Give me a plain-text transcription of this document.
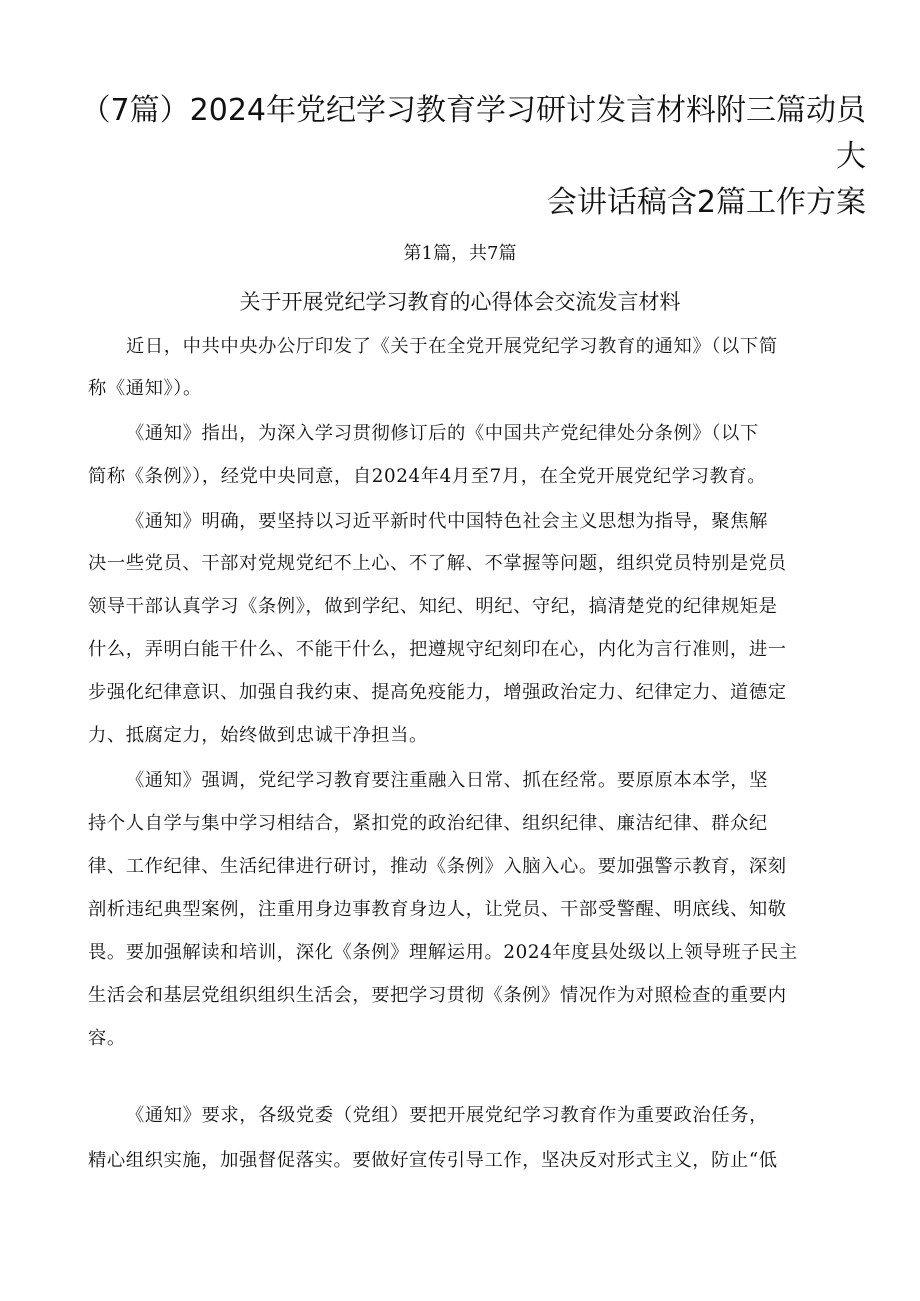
（7篇）2024年党纪学习教育学习研讨发言材料附三篇动员大
会讲话稿含2篇工作方案
第1篇，共7篇
关于开展党纪学习教育的心得体会交流发言材料
近日，中共中央办公厅印发了《关于在全党开展党纪学习教育的通知》（以下简
称《通知》）。
《通知》指出，为深入学习贯彻修订后的《中国共产党纪律处分条例》（以下
简称《条例》），经党中央同意，自2024年4月至7月，在全党开展党纪学习教育。
《通知》明确，要坚持以习近平新时代中国特色社会主义思想为指导，聚焦解
决一些党员、干部对党规党纪不上心、不了解、不掌握等问题，组织党员特别是党员
领导干部认真学习《条例》，做到学纪、知纪、明纪、守纪，搞清楚党的纪律规矩是
什么，弄明白能干什么、不能干什么，把遵规守纪刻印在心，内化为言行准则，进一
步强化纪律意识、加强自我约束、提高免疫能力，增强政治定力、纪律定力、道德定
力、抵腐定力，始终做到忠诚干净担当。
《通知》强调，党纪学习教育要注重融入日常、抓在经常。要原原本本学，坚
持个人自学与集中学习相结合，紧扣党的政治纪律、组织纪律、廉洁纪律、群众纪
律、工作纪律、生活纪律进行研讨，推动《条例》入脑入心。要加强警示教育，深刻
剖析违纪典型案例，注重用身边事教育身边人，让党员、干部受警醒、明底线、知敬
畏。要加强解读和培训，深化《条例》理解运用。2024年度县处级以上领导班子民主
生活会和基层党组织组织生活会，要把学习贯彻《条例》情况作为对照检查的重要内
容。
《通知》要求，各级党委（党组）要把开展党纪学习教育作为重要政治任务，
精心组织实施，加强督促落实。要做好宣传引导工作，坚决反对形式主义，防止“低
